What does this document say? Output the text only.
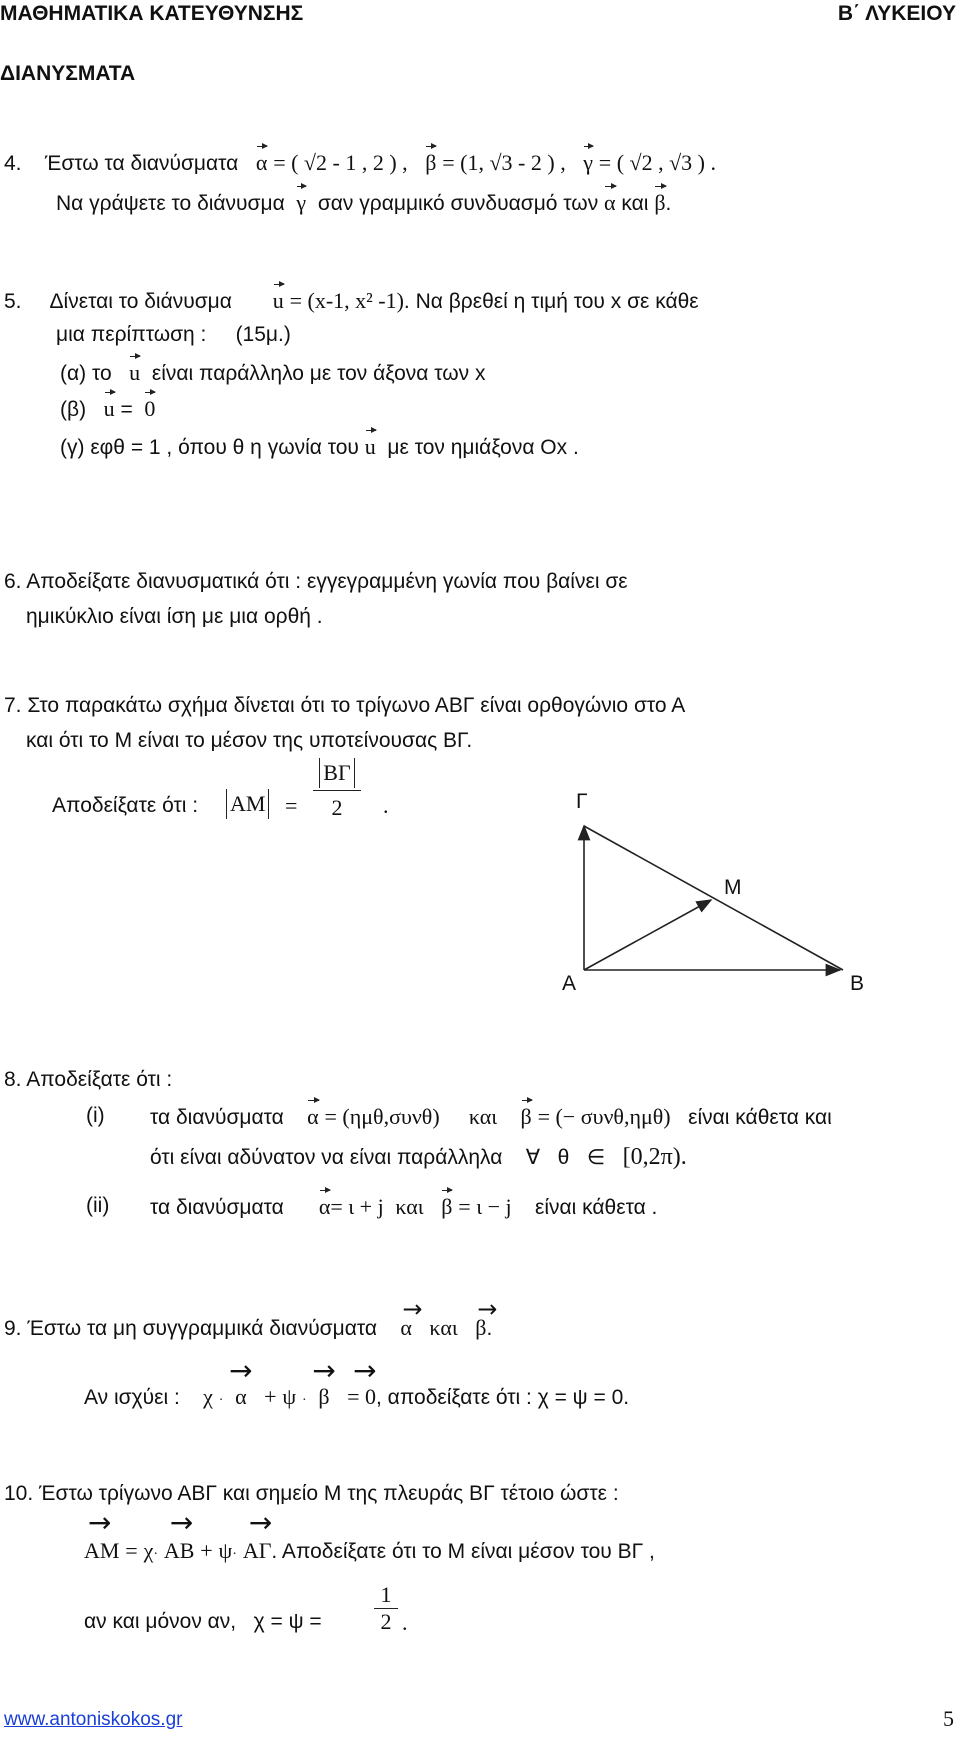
ΜΑΘΗΜΑΤΙΚΑ ΚΑΤΕΥΘΥΝΣΗΣ	Β΄ ΛΥΚΕΙΟΥ
ΔΙΑΝΥΣΜΑΤΑ
4. Έστω τα διανύσματα α = ( √2 - 1 , 2 ) , β = (1, √3 - 2 ) , γ = ( √2 , √3 ) .
Να γράψετε το διάνυσμα γ σαν γραμμικό συνδυασμό των α και β.
5. Δίνεται το διάνυσμα u = (x-1, x² -1). Να βρεθεί η τιμή του x σε κάθε
μια περίπτωση :     (15μ.)
(α) το u είναι παράλληλο με τον άξονα των x
(β) u = 0
(γ) εφθ = 1 , όπου θ η γωνία του u με τον ημιάξονα Οx .
6. Αποδείξατε διανυσματικά ότι : εγγεγραμμένη γωνία που βαίνει σε
ημικύκλιο είναι ίση με μια ορθή .
7. Στο παρακάτω σχήμα δίνεται ότι το τρίγωνο ΑΒΓ είναι ορθογώνιο στο Α
και ότι το Μ είναι το μέσον της υποτείνουσας ΒΓ.
Αποδείξατε ότι : AM =
ΒΓ
2	.	Γ
M
A	B
8. Αποδείξατε ότι :
(i) τα διανύσματα α = (ημθ,συνθ) και β = (− συνθ,ημθ) είναι κάθετα και
ότι είναι αδύνατον να είναι παράλληλα ∀ θ ∈ [0,2π).
(ii) τα διανύσματα α= ι + j και β = ι − j είναι κάθετα .
9. Έστω τα μη συγγραμμικά διανύσματα
→
α και
→
β.
Αν ισχύει : χ ·
→
α + ψ ·
→
β
→
= 0, αποδείξατε ότι : χ = ψ = 0.
10. Έστω τρίγωνο ΑΒΓ και σημείο Μ της πλευράς ΒΓ τέτοιο ώστε :
→
AM = χ·
→
AB + ψ·
→
ΑΓ. Αποδείξατε ότι το Μ είναι μέσον του ΒΓ ,
αν και μόνον αν,   χ = ψ =
1
2 .
www.antoniskokos.gr	5
